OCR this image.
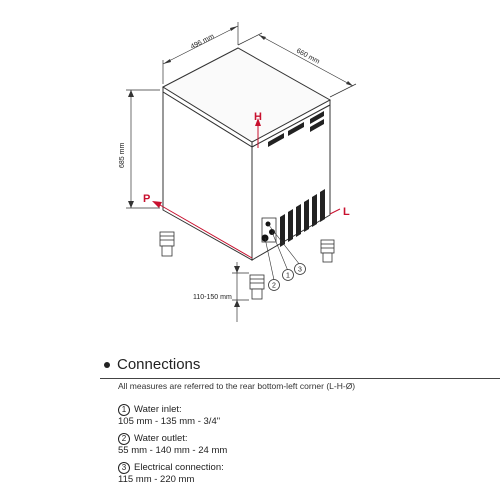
H
P
L
496 mm
660 mm
685 mm
110-150 mm
1
2
3
Connections
All measures are referred to the rear bottom-left corner (L-H-Ø)
1 Water inlet:
105 mm - 135 mm - 3/4"
2 Water outlet:
55 mm - 140 mm - 24 mm
3 Electrical connection:
115 mm - 220 mm
